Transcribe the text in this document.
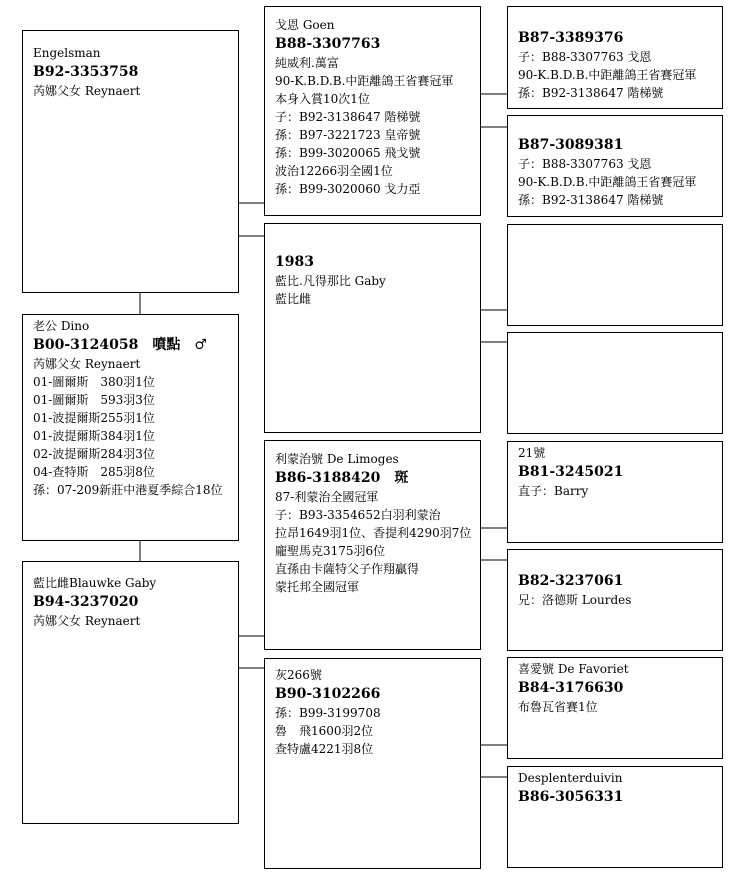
Engelsman
B92-3353758
芮娜父女 Reynaert
老公 Dino
B00-3124058　噴點　♂
芮娜父女 Reynaert
01-圖爾斯　380羽1位
01-圖爾斯　593羽3位
01-波提爾斯255羽1位
01-波提爾斯384羽1位
02-波提爾斯284羽3位
04-查特斯　285羽8位
孫：07-209新莊中港夏季綜合18位
藍比雌Blauwke Gaby
B94-3237020
芮娜父女 Reynaert
戈恩 Goen
B88-3307763
純威利.萬富
90-K.B.D.B.中距離鴿王省賽冠軍
本身入賞10次1位
子：B92-3138647 階梯號
孫：B97-3221723 皇帝號
孫：B99-3020065 飛戈號
波治12266羽全國1位
孫：B99-3020060 戈力亞
1983
藍比.凡得那比 Gaby
藍比雌
利蒙治號 De Limoges
B86-3188420　斑
87-利蒙治全國冠軍
子：B93-3354652白羽利蒙治
拉昂1649羽1位、香提利4290羽7位
龐聖馬克3175羽6位
直孫由卡薩特父子作翔贏得
蒙托邦全國冠軍
灰266號
B90-3102266
孫：B99-3199708
魯　飛1600羽2位
查特盧4221羽8位
B87-3389376
子：B88-3307763 戈恩
90-K.B.D.B.中距離鴿王省賽冠軍
孫：B92-3138647 階梯號
B87-3089381
子：B88-3307763 戈恩
90-K.B.D.B.中距離鴿王省賽冠軍
孫：B92-3138647 階梯號
21號
B81-3245021
直子：Barry
B82-3237061
兄：洛德斯 Lourdes
喜愛號 De Favoriet
B84-3176630
布魯瓦省賽1位
Desplenterduivin
B86-3056331
